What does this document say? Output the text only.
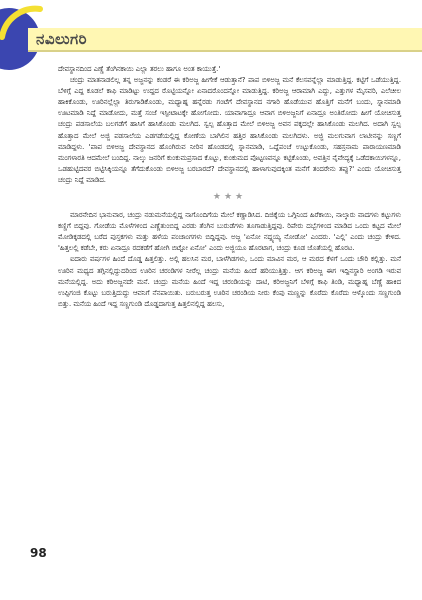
ನವಿಲುಗರಿ

ದೇವಸ್ಥಾನದಿಂದ ಎಣ್ಣೆ ತೆಂಗಿನಕಾಯಿ ಎಲ್ಲಾ ತರಲು ಹಾಗೂ ಅಂತ ಕಾಯುತ್ತೆ.'

ಚಂದ್ರು ಮಾತನಾಡಲಿಲ್ಲ ತನ್ನ ಅಜ್ಜನನ್ನು ಕಂಡರೆ ಈ ಕರಿಅಜ್ಜ ಹೀಗೇಕೆ ಆಡುತ್ತಾನೆ? ಪಾಪ ಬಿಳಿಅಜ್ಜ ಮನೆ ಕೆಲಸವನ್ನೆಲ್ಲಾ ಮಾಡುತ್ತಿದ್ದ. ಕಟ್ಟಿಗೆ ಒಡೆಯುತ್ತಿದ್ದ. ಬೆಳಿಗ್ಗೆ ಎದ್ದ ಕೂಡಲೆ ಕಾಫಿ ಮಾಡಿಟ್ಟು ಉದ್ದದ ರೊಟ್ಟಿಯನ್ನೋ ಏನಾದರೊಂದನ್ನೋ ಮಾಡುತ್ತಿದ್ದ. ಕರಿಅಜ್ಜ ಆರಾಮಾಗಿ ಎದ್ದು, ಎತ್ತುಗಳ ಮೈಸವರಿ, ಎಲೆಚೀಲ ಹಾಕಿಕೊಂಡು, ಊರಿನಲ್ಲೆಲ್ಲಾ ತಿರುಗಾಡಿಕೊಂಡು, ಮಧ್ಯಾಹ್ನ ಹನ್ನೆರಡು ಗಂಟೆಗೆ ದೇವಸ್ಥಾನದ ನಗಾರಿ ಹೊಡೆಯುವ ಹೊತ್ತಿಗೆ ಮನೆಗೆ ಬಂದು, ಸ್ನಾನಮಾಡಿ ಊಟಮಾಡಿ ನಿದ್ದೆ ಮಾಡೋದು, ಮತ್ತೆ ಸಂಜೆ ಇಸ್ಪೀಟಾಟಕ್ಕೇ ಹೋಗೋದು. ಯಾವಾಗಾದ್ರೂ ಆವಾಗ ಬಿಳಿಅಜ್ಜನಿಗೆ ಏನಾದ್ರೂ ಅಂತಿರೋದು ಹೀಗೆ ಯೋಚಿಸುತ್ತ ಚಂದ್ರು ಪಡಸಾಲೆಯ ಬಲಗಡೆಗೆ ಹಾಸಿಗೆ ಹಾಸಿಕೊಂಡು ಮಲಗಿದ. ಸ್ವಲ್ಪ ಹೊತ್ತಾದ ಮೇಲೆ ಬಿಳಿಅಜ್ಜ ಅವನ ಪಕ್ಕದಲ್ಲೇ ಹಾಸಿಕೊಂಡು ಮಲಗಿದ. ಅದಾಗಿ ಸ್ವಲ್ಪ ಹೊತ್ತಾದ ಮೇಲೆ ಅಜ್ಜಿ ಪಡಸಾಲೆಯ ಎಡಗಡೆಯಲ್ಲಿದ್ದ ಕೋಣೆಯ ಬಾಗಿಲಿನ ಹತ್ತಿರ ಹಾಸಿಕೊಂಡು ಮಲಗಿದಳು. ಅಜ್ಜಿ ಮಲಗುವಾಗ ಲಾಟೀನನ್ನು ಸಣ್ಣಗೆ ಮಾಡಿದ್ದಳು. 'ಪಾಪ ಬಿಳಿಅಜ್ಜ ದೇವಸ್ಥಾನದ ಹೊಂಗಿರುವ ನೀರಿನ ಹೊಂಡದಲ್ಲಿ ಸ್ನಾನಮಾಡಿ, ಒದ್ದೆಪಂಚೆ ಉಟ್ಟುಕೊಂಡು, ಸಹಸ್ರನಾಮ ಪಾರಾಯಣಮಾಡಿ ಮಂಗಳಾರತಿ ಆದಮೇಲೆ ಬಂದಿದ್ದ. ನಾಲ್ಕು ಜನರಿಗೆ ಕುಂಕುಮಪ್ರಸಾದ ಕೊಟ್ಟು, ಕುಂಕುಮದ ಪೊಟ್ಟಣವನ್ನೂ ಕಟ್ಟಿಕೊಂಡು, ಅವತ್ತಿನ ನೈವೇದ್ಯಕ್ಕೆ ಒಡೆದಕಾಯಿಗಳನ್ನೂ, ಒಡಹುಟ್ಟಿದವರ ಬಿಟ್ಟಿಸಿಕ್ಕಿಯನ್ನೂ ತೆಗೆದುಕೊಂಡು ಬಿಳಿಅಜ್ಜ ಬರಬಾರದೆ? ದೇವಸ್ಥಾನದಲ್ಲಿ ಹಾಳಾಗುವುದಕ್ಕಿಂತ ಮನೆಗೆ ತಂದರೇನು ತಪ್ಪು?' ಎಂದು ಯೋಚಿಸುತ್ತ ಚಂದ್ರು ನಿದ್ದೆ ಮಾಡಿದ.

★★★

ಮಾರನೇದಿನ ಭಾನುವಾರ, ಚಂದ್ರು ನಡುಮನೆಯಲ್ಲಿದ್ದ ನಾಗೊಂದಿಗೆಯ ಮೇಲೆ ಕಣ್ಣಾಡಿಸಿದ. ದಿಜಿಕ್ಕೆಯ ಒಗ್ಗಿನಿಂದ ಹಿರೆಕಾಯಿ, ನಾಲ್ಕಾರು ವಾದಗಳು ಕಟ್ಟುಗಳು ಕಣ್ಣಿಗೆ ಬಿದ್ದವು. ಗೋಡೆಯ ಮೊಳೆಗಳಿಂದ ಎಣ್ಣೆತುಂಬಿದ್ದ ಎರಡು ತೆಂಗಿನ ಬುರುಡೆಗಳು ತೂಗಾಡುತ್ತಿದ್ದವು. ರಿಪೇರು ದಬ್ಬೆಗಳಿಂದ ಮಾಡಿದ ಒಂದು ಕಟ್ಟದ ಮೇಲೆ ಮೋಡಿಕ್ಕಡದಲ್ಲಿ ಬರೆದ ಪುಸ್ತಕಗಳು ಮತ್ತು ಹಳೆಯ ಪಂಚಾಂಗಗಳು ಬಿದ್ದಿದ್ದವು. ಅಜ್ಜ 'ಏನೋ ನದ್ದ್ಯಯ್ಯ ನೋಡೋ' ಎಂದರು. 'ಎಲ್ಲಿ' ಎಂದು ಚಂದ್ರು ಕೇಳಿದ. 'ಹಿತ್ತಲಲ್ಲಿ ಕಡೆಬೇ, ಕರು ಏನಾದ್ರೂ ರದಕಡೆಗೆ ಹೋಗಿ ಬಿಟ್ಟೋ ಏನೋ' ಎಂದು ಅಜ್ಜಿಯೂ ಹೊರಟಾಗ, ಚಂದ್ರು ಕೂಡ ಜೊತೆಯಲ್ಲಿ ಹೊರಟ.

ಐದಾರು ವರ್ಷಗಳ ಹಿಂದೆ ದೊಡ್ಡ ಹಿತ್ತಲಿತ್ತು. ಅಲ್ಲಿ ಹಲಸಿನ ಮರ, ಬಾಳೆಗಿಡಗಳು, ಒಂದು ಮಾವಿನ ಮರ, ಆ ಮರದ ಕೆಳಗೆ ಒಂದು ಚೌರಿ ಕಲ್ಲಿತ್ತು. ಮನೆ ಊರಿನ ಮಧ್ಯದ ತಗ್ಗಿನಲ್ಲಿದ್ದುದರಿಂದ ಊರಿನ ಚರಂಡಿಗಳ ನೀರೆಲ್ಲ ಚಂದ್ರು ಮನೆಯ ಹಿಂದೆ ಹರಿಯುತ್ತಿತ್ತು. ಆಗ ಕರಿಅಜ್ಜ ಈಗ ಇದ್ದಿನಸ್ಥಾರಿ ಅಂಗಡಿ ಇರುವ ಮನೆಯಲ್ಲಿದ್ದ. ಅದು ಕರಿಅಜ್ಜನದೇ ಮನೆ. ಚಂದ್ರು ಮನೆಯ ಹಿಂದೆ ಇದ್ದ ಚರಂಡಿಯನ್ನು ದಾಟಿ, ಕರಿಅಜ್ಜನಿಗೆ ಬೆಳಿಗ್ಗೆ ಕಾಫಿ ತಿಂಡಿ, ಮಧ್ಯಾಹ್ನ ಬೆಣ್ಣೆ ಹಾಕಿದ ಉಪ್ಪಿಗಂಜಿ ಕೊಟ್ಟು ಬರುತ್ತಿದುದ್ದು ಆವನಿಗೆ ನೆನಪಾಯಿತು. ಬರುಬರುತ್ತ ಊರಿನ ಚರಂಡಿಯ ನೀರು ಕೆಂಪು ಮಣ್ಣನ್ನು ಕೊರೆದು ಕೊರೆದು ಆಳ್ಕೊಂದು ಸಣ್ಣಗುಂಡಿ ಬಿತ್ತು. ಮನೆಯ ಹಿಂದೆ ಇದ್ದ ಸಣ್ಣಗುಂಡಿ ದೊಡ್ಡದಾಗುತ್ತ ಹಿತ್ತಲಿನಲ್ಲಿದ್ದ ಹಲಸು,

98
